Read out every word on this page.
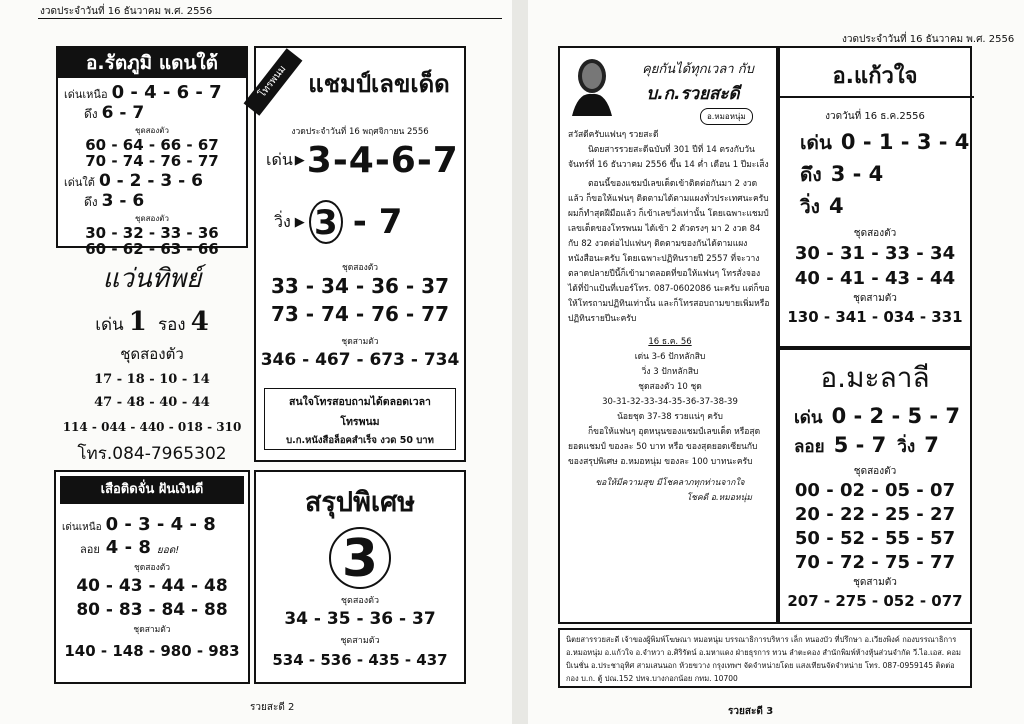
งวดประจำวันที่ 16 ธันวาคม พ.ศ. 2556
อ.รัตภูมิ แดนใต้
เด่นเหนือ 0 - 4 - 6 - 7
ดึง 6 - 7
ชุดสองตัว
60 - 64 - 66 - 67
70 - 74 - 76 - 77
เด่นใต้ 0 - 2 - 3 - 6
ดึง 3 - 6
ชุดสองตัว
30 - 32 - 33 - 36
60 - 62 - 63 - 66
แว่นทิพย์
เด่น 1 รอง 4
ชุดสองตัว
17 - 18 - 10 - 14
47 - 48 - 40 - 44
114 - 044 - 440 - 018 - 310
โทร.084-7965302
โทรพนม แชมป์เลขเด็ด
งวดประจำวันที่ 16 พฤศจิกายน 2556
เด่น ▶ 3-4-6-7
วิ่ง ▶ 3 - 7
ชุดสองตัว
33 - 34 - 36 - 37
73 - 74 - 76 - 77
ชุดสามตัว
346 - 467 - 673 - 734
สนใจโทรสอบถามได้ตลอดเวลา
โทรพนม
บ.ก.หนังสือล็อคสำเร็จ งวด 50 บาท
เสือติดจั่น ฝันเงินดี
เด่นเหนือ 0 - 3 - 4 - 8
ลอย 4 - 8 ยอด!
ชุดสองตัว
40 - 43 - 44 - 48
80 - 83 - 84 - 88
ชุดสามตัว
140 - 148 - 980 - 983
สรุปพิเศษ
3
ชุดสองตัว
34 - 35 - 36 - 37
ชุดสามตัว
534 - 536 - 435 - 437
รวยสะดี 2
งวดประจำวันที่ 16 ธันวาคม พ.ศ. 2556
คุยกันได้ทุกเวลา กับ
บ.ก.รวยสะดี
อ.หมอหนุ่ม
สวัสดีครับแฟนๆ รวยสะดี
นิตยสารรวยสะดีฉบับที่ 301 ปีที่ 14 ตรงกับวันจันทร์ที่ 16 ธันวาคม 2556 ขึ้น 14 ค่ำ เดือน 1 ปีมะเส็ง
ตอนนี้ของแชมป์เลขเด็ดเข้าติดต่อกันมา 2 งวดแล้ว ก็ขอให้แฟนๆ ติดตามได้ตามแผงทั่วประเทศนะครับ ผมก็ทำสุดฝีมือแล้ว ก็เข้าเลขวิ่งเท่านั้น โดยเฉพาะแชมป์เลขเด็ดของโทรพนม ได้เข้า 2 ตัวตรงๆ มา 2 งวด 84 กับ 82 งวดต่อไปแฟนๆ ติดตามของกันได้ตามแผงหนังสือนะครับ โดยเฉพาะปฏิทินรายปี 2557 ที่จะวางตลาดปลายปีนี้ก็เข้ามาตลอดที่ขอให้แฟนๆ โทรสั่งจองได้ที่ป้าแป้นที่เบอร์โทร. 087-0602086 นะครับ แต่ก็ขอให้โทรถามปฏิทินเท่านั้น และก็โทรสอบถามขายเพิ่มหรือปฏิทินรายปีนะครับ
16 ธ.ค. 56
เด่น 3-6 ปักหลักสิบ
วิ่ง 3 ปักหลักสิบ
ชุดสองตัว 10 ชุด
30-31-32-33-34-35-36-37-38-39
น้อยชุด 37-38 รวยแน่ๆ ครับ
ก็ขอให้แฟนๆ อุดหนุนของแชมป์เลขเด็ด หรือสุดยอดแชมป์ ของละ 50 บาท หรือ ของสุดยอดเซียนกับของสรุปพิเศษ อ.หมอหนุ่ม ของละ 100 บาทนะครับ
ขอให้มีความสุข มีโชคลาภทุกท่านจากใจ
โชคดี อ.หมอหนุ่ม
อ.แก้วใจ
งวดวันที่ 16 ธ.ค.2556
เด่น 0 - 1 - 3 - 4
ดึง 3 - 4
วิ่ง 4
ชุดสองตัว
30 - 31 - 33 - 34
40 - 41 - 43 - 44
ชุดสามตัว
130 - 341 - 034 - 331
อ.มะลาลี
เด่น 0 - 2 - 5 - 7
ลอย 5 - 7 วิ่ง 7
ชุดสองตัว
00 - 02 - 05 - 07
20 - 22 - 25 - 27
50 - 52 - 55 - 57
70 - 72 - 75 - 77
ชุดสามตัว
207 - 275 - 052 - 077
นิตยสารรวยสะดี เจ้าของผู้พิมพ์โฆษณา หมอหนุ่ม บรรณาธิการบริหาร เล็ก หนองบัว ที่ปรึกษา อ.เวียงพิงค์ กองบรรณาธิการ อ.หมอหนุ่ม อ.แก้วใจ อ.จำหวา อ.ศิริรัตน์ อ.มหาแดง ฝ่ายธุรการ ทวน ลำตะคอง สำนักพิมพ์ห้างหุ้นส่วนจำกัด วี.ไอ.เอส. คอมบิเนชั่น อ.ประชาอุทิศ สามเสนนอก ห้วยขวาง กรุงเทพฯ จัดจำหน่ายโดย แสงเทียนจัดจำหน่าย โทร. 087-0959145 ติดต่อ กอง บ.ก. ตู้ ปณ.152 ปทจ.บางกอกน้อย กทม. 10700
รวยสะดี 3
